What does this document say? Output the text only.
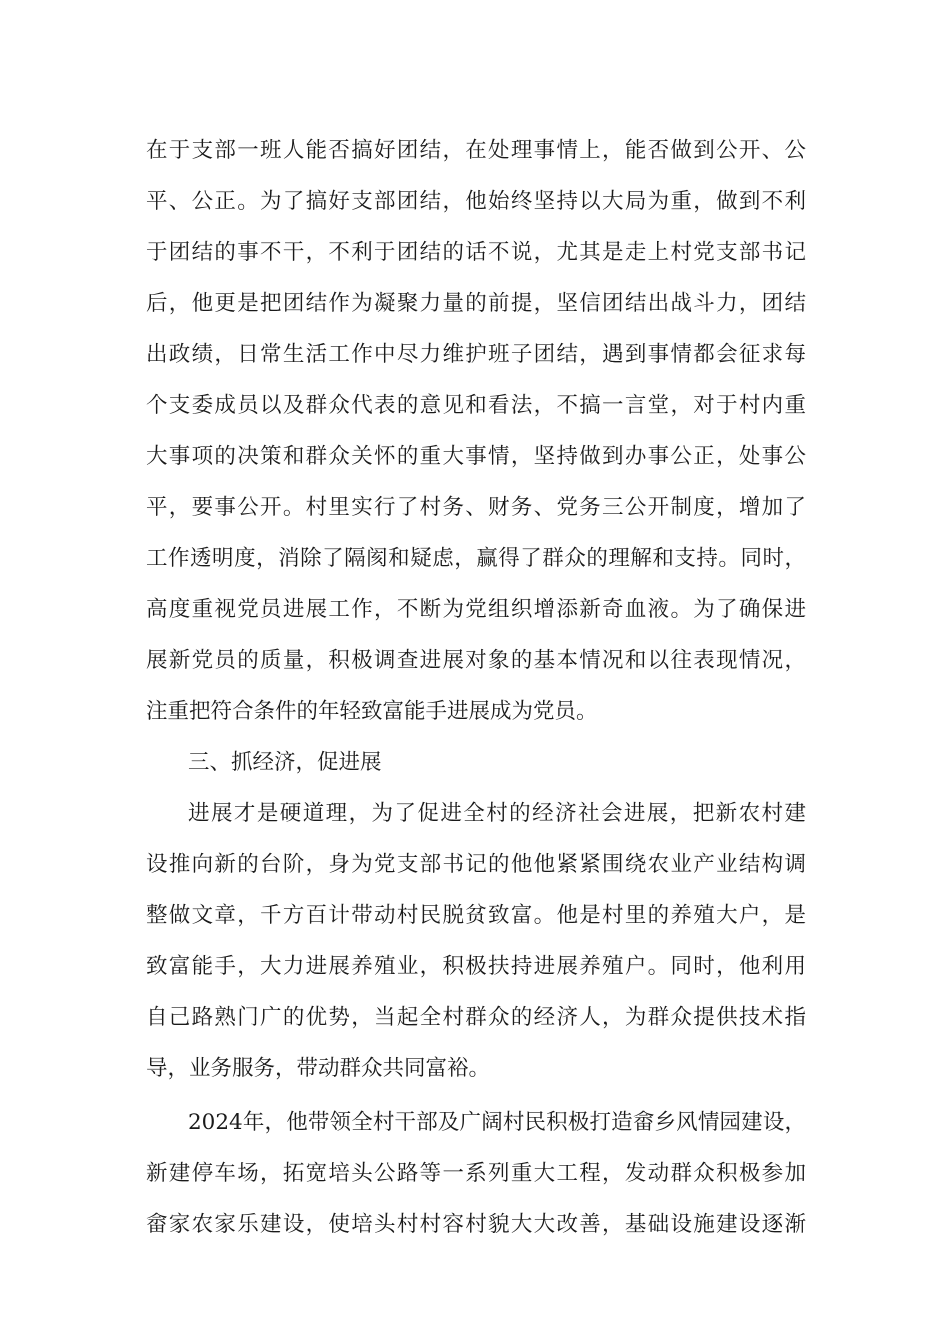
在于支部一班人能否搞好团结，在处理事情上，能否做到公开、公
平、公正。为了搞好支部团结，他始终坚持以大局为重，做到不利
于团结的事不干，不利于团结的话不说，尤其是走上村党支部书记
后，他更是把团结作为凝聚力量的前提，坚信团结出战斗力，团结
出政绩，日常生活工作中尽力维护班子团结，遇到事情都会征求每
个支委成员以及群众代表的意见和看法，不搞一言堂，对于村内重
大事项的决策和群众关怀的重大事情，坚持做到办事公正，处事公
平，要事公开。村里实行了村务、财务、党务三公开制度，增加了
工作透明度，消除了隔阂和疑虑，赢得了群众的理解和支持。同时，
高度重视党员进展工作，不断为党组织增添新奇血液。为了确保进
展新党员的质量，积极调查进展对象的基本情况和以往表现情况，
注重把符合条件的年轻致富能手进展成为党员。
三、抓经济，促进展
进展才是硬道理，为了促进全村的经济社会进展，把新农村建
设推向新的台阶，身为党支部书记的他他紧紧围绕农业产业结构调
整做文章，千方百计带动村民脱贫致富。他是村里的养殖大户，是
致富能手，大力进展养殖业，积极扶持进展养殖户。同时，他利用
自己路熟门广的优势，当起全村群众的经济人，为群众提供技术指
导，业务服务，带动群众共同富裕。
2024年，他带领全村干部及广阔村民积极打造畲乡风情园建设，
新建停车场，拓宽培头公路等一系列重大工程，发动群众积极参加
畲家农家乐建设，使培头村村容村貌大大改善，基础设施建设逐渐
